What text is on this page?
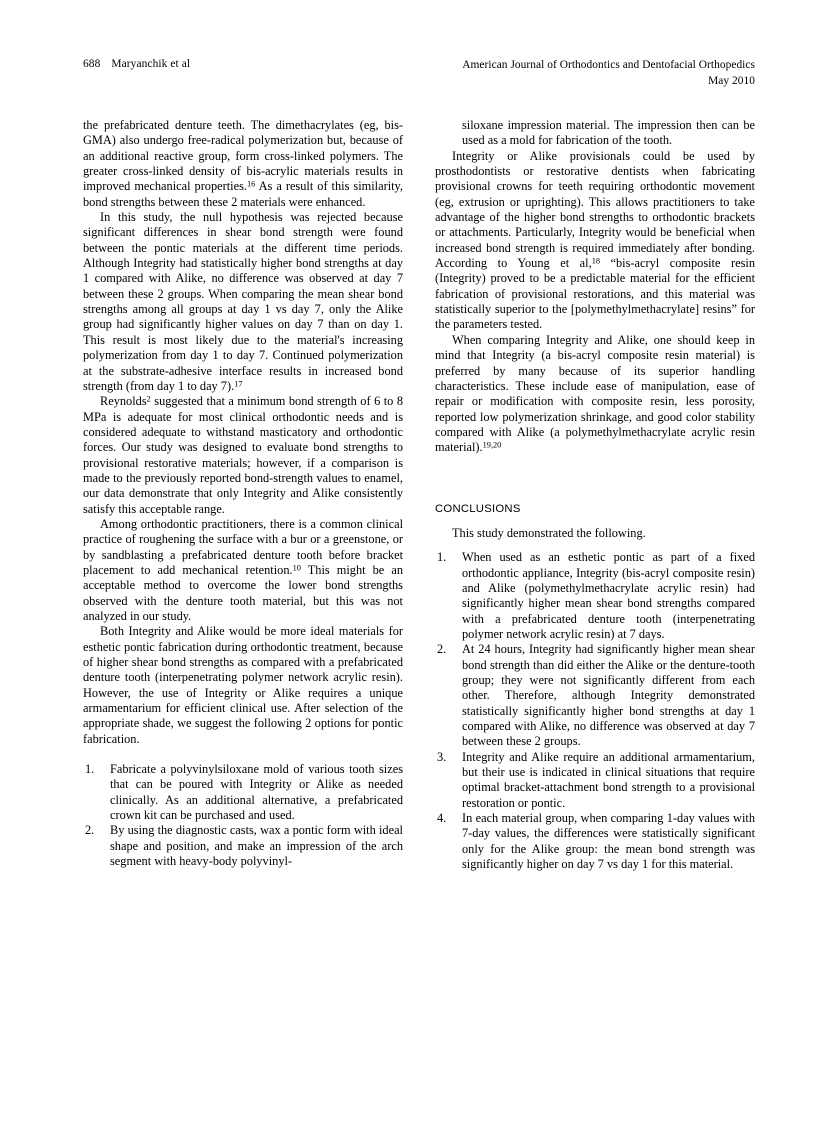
688 Maryanchik et al	American Journal of Orthodontics and Dentofacial Orthopedics
May 2010

the prefabricated denture teeth. The dimethacrylates (eg, bis-GMA) also undergo free-radical polymerization but, because of an additional reactive group, form cross-linked polymers. The greater cross-linked density of bis-acrylic materials results in improved mechanical properties.$^{16}$ As a result of this similarity, bond strengths between these 2 materials were enhanced.

In this study, the null hypothesis was rejected because significant differences in shear bond strength were found between the pontic materials at the different time periods. Although Integrity had statistically higher bond strengths at day 1 compared with Alike, no difference was observed at day 7 between these 2 groups. When comparing the mean shear bond strengths among all groups at day 1 vs day 7, only the Alike group had significantly higher values on day 7 than on day 1. This result is most likely due to the material's increasing polymerization from day 1 to day 7. Continued polymerization at the substrate-adhesive interface results in increased bond strength (from day 1 to day 7).$^{17}$

Reynolds$^2$ suggested that a minimum bond strength of 6 to 8 MPa is adequate for most clinical orthodontic needs and is considered adequate to withstand masticatory and orthodontic forces. Our study was designed to evaluate bond strengths to provisional restorative materials; however, if a comparison is made to the previously reported bond-strength values to enamel, our data demonstrate that only Integrity and Alike consistently satisfy this acceptable range.

Among orthodontic practitioners, there is a common clinical practice of roughening the surface with a bur or a greenstone, or by sandblasting a prefabricated denture tooth before bracket placement to add mechanical retention.$^{10}$ This might be an acceptable method to overcome the lower bond strengths observed with the denture tooth material, but this was not analyzed in our study.

Both Integrity and Alike would be more ideal materials for esthetic pontic fabrication during orthodontic treatment, because of higher shear bond strengths as compared with a prefabricated denture tooth (interpenetrating polymer network acrylic resin). However, the use of Integrity or Alike requires a unique armamentarium for efficient clinical use. After selection of the appropriate shade, we suggest the following 2 options for pontic fabrication.

1.	Fabricate a polyvinylsiloxane mold of various tooth sizes that can be poured with Integrity or Alike as needed clinically. As an additional alternative, a prefabricated crown kit can be purchased and used.
2.	By using the diagnostic casts, wax a pontic form with ideal shape and position, and make an impression of the arch segment with heavy-body polyvinyl-

siloxane impression material. The impression then can be used as a mold for fabrication of the tooth.

Integrity or Alike provisionals could be used by prosthodontists or restorative dentists when fabricating provisional crowns for teeth requiring orthodontic movement (eg, extrusion or uprighting). This allows practitioners to take advantage of the higher bond strengths to orthodontic brackets or attachments. Particularly, Integrity would be beneficial when increased bond strength is required immediately after bonding. According to Young et al,$^{18}$ “bis-acryl composite resin (Integrity) proved to be a predictable material for the efficient fabrication of provisional restorations, and this material was statistically superior to the [polymethylmethacrylate] resins” for the parameters tested.

When comparing Integrity and Alike, one should keep in mind that Integrity (a bis-acryl composite resin material) is preferred by many because of its superior handling characteristics. These include ease of manipulation, ease of repair or modification with composite resin, less porosity, reported low polymerization shrinkage, and good color stability compared with Alike (a polymethylmethacrylate acrylic resin material).$^{19,20}$

CONCLUSIONS

This study demonstrated the following.

1.	When used as an esthetic pontic as part of a fixed orthodontic appliance, Integrity (bis-acryl composite resin) and Alike (polymethylmethacrylate acrylic resin) had significantly higher mean shear bond strengths compared with a prefabricated denture tooth (interpenetrating polymer network acrylic resin) at 7 days.
2.	At 24 hours, Integrity had significantly higher mean shear bond strength than did either the Alike or the denture-tooth group; they were not significantly different from each other. Therefore, although Integrity demonstrated statistically significantly higher bond strengths at day 1 compared with Alike, no difference was observed at day 7 between these 2 groups.
3.	Integrity and Alike require an additional armamentarium, but their use is indicated in clinical situations that require optimal bracket-attachment bond strength to a provisional restoration or pontic.
4.	In each material group, when comparing 1-day values with 7-day values, the differences were statistically significant only for the Alike group: the mean bond strength was significantly higher on day 7 vs day 1 for this material.
